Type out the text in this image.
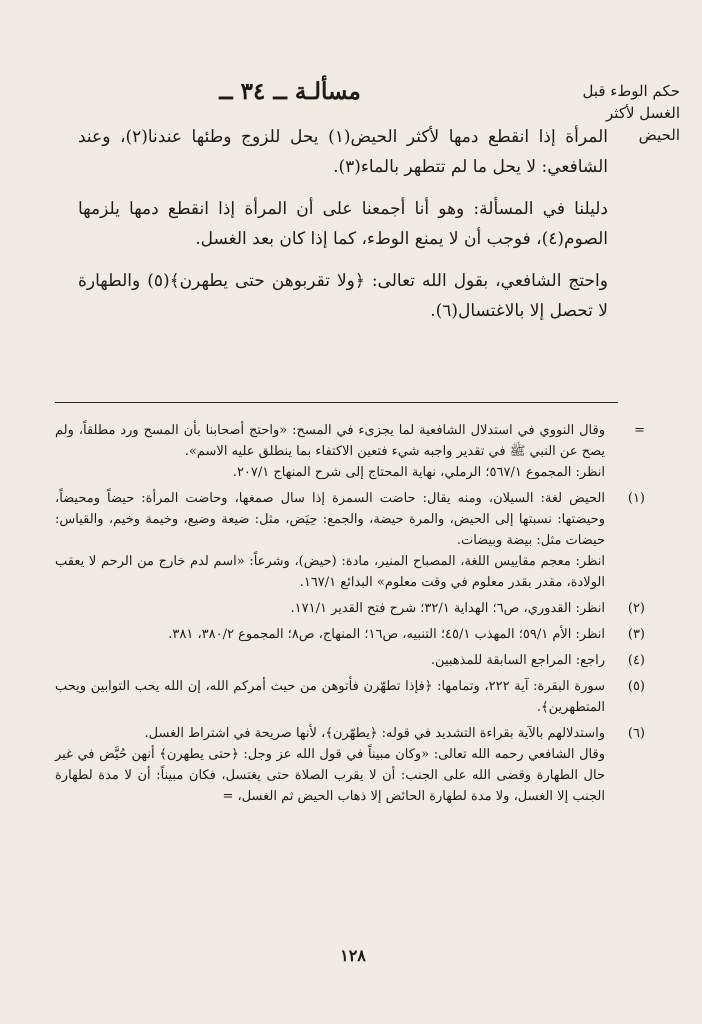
حكم الوطء قبل
الغسل لأكثر
الحيض
مسألـة ــ ٣٤ ــ

المرأة إذا انقطع دمها لأكثر الحيض(١) يحل للزوج وطئها عندنا(٢)، وعند الشافعي: لا يحل ما لم تتطهر بالماء(٣).

دليلنا في المسألة: وهو أنا أجمعنا على أن المرأة إذا انقطع دمها يلزمها الصوم(٤)، فوجب أن لا يمنع الوطء، كما إذا كان بعد الغسل.

واحتج الشافعي، بقول الله تعالى: ﴿ولا تقربوهن حتى يطهرن﴾(٥) والطهارة لا تحصل إلا بالاغتسال(٦).

=
وقال النووي في استدلال الشافعية لما يجزىء في المسح: «واحتج أصحابنا بأن المسح ورد مطلقاً، ولم يصح عن النبي ﷺ في تقدير واجبه شيء فتعين الاكتفاء بما ينطلق عليه الاسم».
انظر: المجموع ٥٦٧/١؛ الرملي، نهاية المحتاج إلى شرح المنهاج ٢٠٧/١.
(١)
الحيض لغة: السيلان، ومنه يقال: حاضت السمرة إذا سال صمغها، وحاضت المرأة: حيضاً ومحيضاً، وحيضتها: نسبتها إلى الحيض، والمرة حيضة، والجمع: حِيَض، مثل: ضيعة وضيع، وخيمة وخيم، والقياس: حيضات مثل: بيضة وبيضات.
انظر: معجم مقاييس اللغة، المصباح المنير، مادة: (حيض)، وشرعاً: «اسم لدم خارج من الرحم لا يعقب الولادة، مقدر بقدر معلوم في وقت معلوم» البدائع ١٦٧/١.
(٢)
انظر: القدوري، ص٦؛ الهداية ٣٢/١؛ شرح فتح القدير ١٧١/١.
(٣)
انظر: الأم ٥٩/١؛ المهذب ٤٥/١؛ التنبيه، ص١٦؛ المنهاج، ص٨؛ المجموع ٣٨٠/٢، ٣٨١.
(٤)
راجع: المراجع السابقة للمذهبين.
(٥)
سورة البقرة: آية ٢٢٢، وتمامها: ﴿فإذا تطهّرن فأتوهن من حيث أمركم الله، إن الله يحب التوابين ويحب المتطهرين﴾.
(٦)
واستدلالهم بالآية بقراءة التشديد في قوله: ﴿يطهّرن﴾، لأنها صريحة في اشتراط الغسل.
وقال الشافعي رحمه الله تعالى: «وكان مبيناً في قول الله عز وجل: ﴿حتى يطهرن﴾ أنهن حُيَّض في غير حال الطهارة وقضى الله على الجنب: أن لا يقرب الصلاة حتى يغتسل، فكان مبيناً: أن لا مدة لطهارة الجنب إلا الغسل، ولا مدة لطهارة الحائض إلا ذهاب الحيض ثم الغسل، =
١٢٨
